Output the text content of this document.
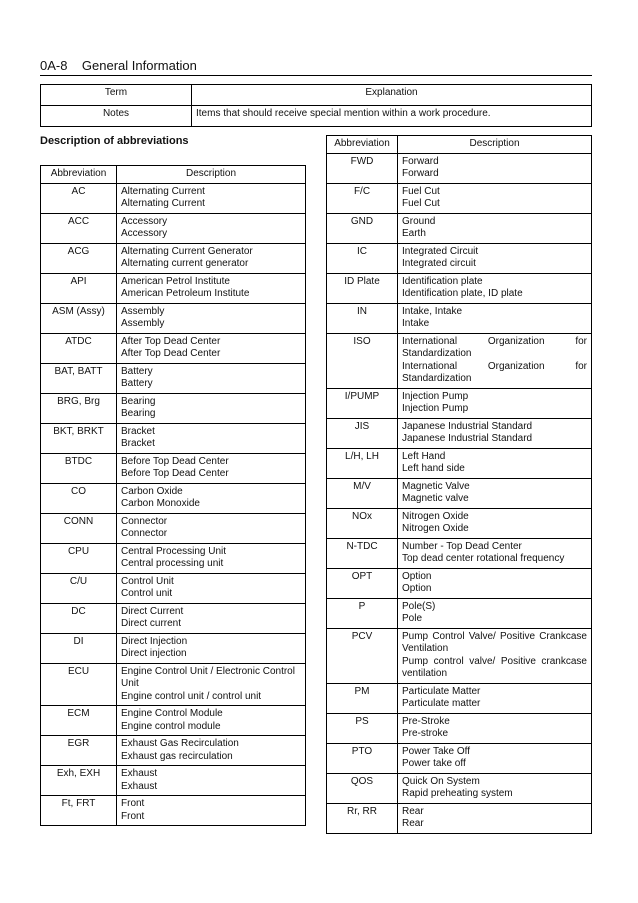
0A-8    General Information
Term	Explanation
Notes	Items that should receive special mention within a work procedure.
Description of abbreviations
Abbreviation	Description
AC	Alternating Current
Alternating Current

ACC	Accessory
Accessory

ACG	Alternating Current Generator
Alternating current generator

API	American Petrol Institute
American Petroleum Institute

ASM (Assy)	Assembly
Assembly

ATDC	After Top Dead Center
After Top Dead Center

BAT, BATT	Battery
Battery

BRG, Brg	Bearing
Bearing

BKT, BRKT	Bracket
Bracket

BTDC	Before Top Dead Center
Before Top Dead Center

CO	Carbon Oxide
Carbon Monoxide

CONN	Connector
Connector

CPU	Central Processing Unit
Central processing unit

C/U	Control Unit
Control unit

DC	Direct Current
Direct current

DI	Direct Injection
Direct injection

ECU	Engine Control Unit / Electronic Control Unit
Engine control unit / control unit

ECM	Engine Control Module
Engine control module

EGR	Exhaust Gas Recirculation
Exhaust gas recirculation

Exh, EXH	Exhaust
Exhaust

Ft, FRT	Front
Front
Abbreviation	Description
FWD	Forward
Forward

F/C	Fuel Cut
Fuel Cut

GND	Ground
Earth

IC	Integrated Circuit
Integrated circuit

ID Plate	Identification plate
Identification plate, ID plate

IN	Intake, Intake
Intake

ISO	International Organization for Standardization
International Organization for Standardization

I/PUMP	Injection Pump
Injection Pump

JIS	Japanese Industrial Standard
Japanese Industrial Standard

L/H, LH	Left Hand
Left hand side

M/V	Magnetic Valve
Magnetic valve

NOx	Nitrogen Oxide
Nitrogen Oxide

N-TDC	Number - Top Dead Center
Top dead center rotational frequency

OPT	Option
Option

P	Pole(S)
Pole

PCV	Pump Control Valve/ Positive Crankcase Ventilation
Pump control valve/ Positive crankcase ventilation

PM	Particulate Matter
Particulate matter

PS	Pre-Stroke
Pre-stroke

PTO	Power Take Off
Power take off

QOS	Quick On System
Rapid preheating system

Rr, RR	Rear
Rear
